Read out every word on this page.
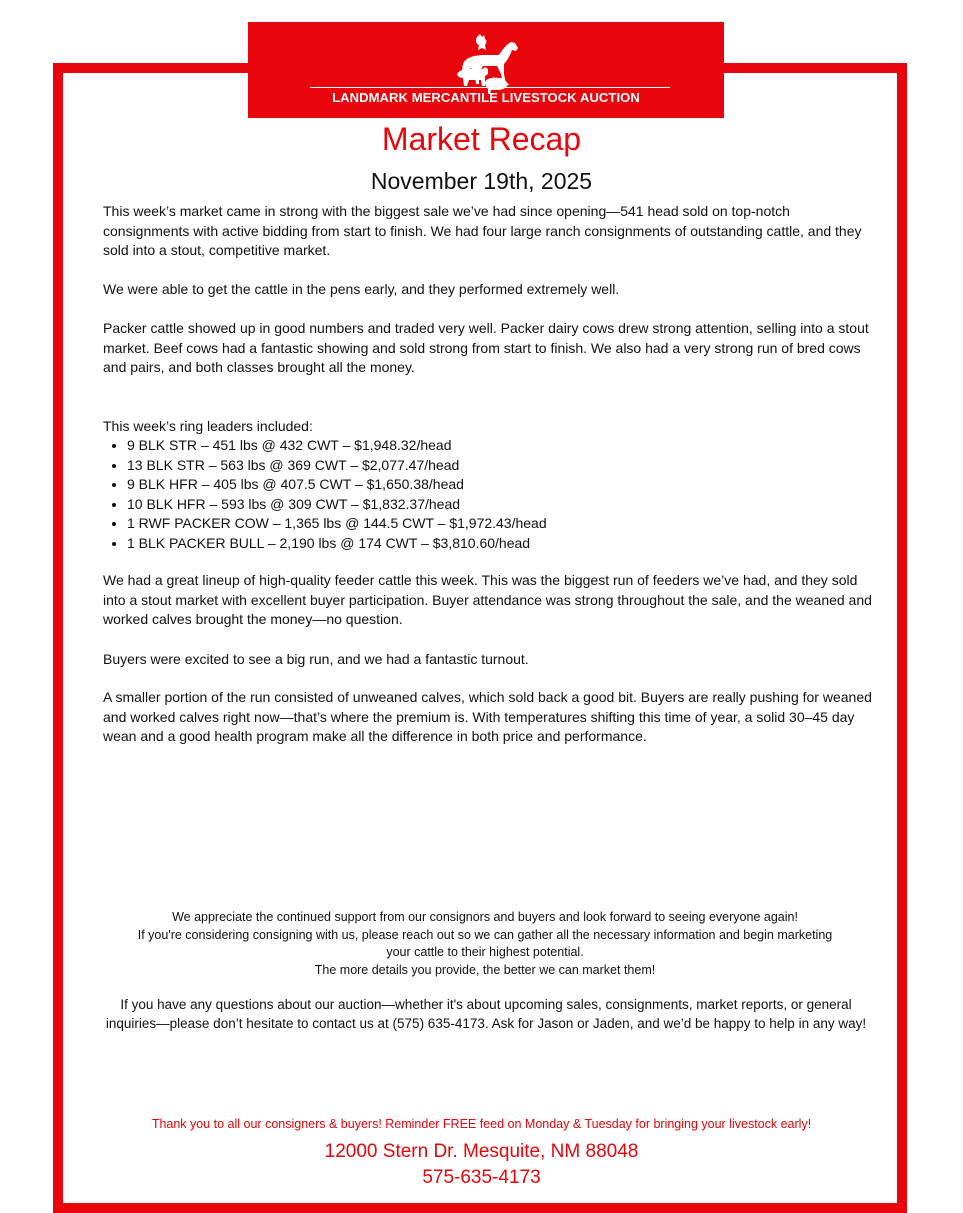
LANDMARK MERCANTILE LIVESTOCK AUCTION
Market Recap
November 19th, 2025

This week’s market came in strong with the biggest sale we’ve had since opening—541 head sold on top-notch consignments with active bidding from start to finish. We had four large ranch consignments of outstanding cattle, and they sold into a stout, competitive market.

We were able to get the cattle in the pens early, and they performed extremely well.

Packer cattle showed up in good numbers and traded very well. Packer dairy cows drew strong attention, selling into a stout market. Beef cows had a fantastic showing and sold strong from start to finish. We also had a very strong run of bred cows and pairs, and both classes brought all the money.

This week’s ring leaders included:

• 9 BLK STR – 451 lbs @ 432 CWT – $1,948.32/head
• 13 BLK STR – 563 lbs @ 369 CWT – $2,077.47/head
• 9 BLK HFR – 405 lbs @ 407.5 CWT – $1,650.38/head
• 10 BLK HFR – 593 lbs @ 309 CWT – $1,832.37/head
• 1 RWF PACKER COW – 1,365 lbs @ 144.5 CWT – $1,972.43/head
• 1 BLK PACKER BULL – 2,190 lbs @ 174 CWT – $3,810.60/head

We had a great lineup of high-quality feeder cattle this week. This was the biggest run of feeders we’ve had, and they sold into a stout market with excellent buyer participation. Buyer attendance was strong throughout the sale, and the weaned and worked calves brought the money—no question.

Buyers were excited to see a big run, and we had a fantastic turnout.

A smaller portion of the run consisted of unweaned calves, which sold back a good bit. Buyers are really pushing for weaned and worked calves right now—that’s where the premium is. With temperatures shifting this time of year, a solid 30–45 day wean and a good health program make all the difference in both price and performance.

We appreciate the continued support from our consignors and buyers and look forward to seeing everyone again!
If you're considering consigning with us, please reach out so we can gather all the necessary information and begin marketing your cattle to their highest potential.
The more details you provide, the better we can market them!

If you have any questions about our auction—whether it's about upcoming sales, consignments, market reports, or general inquiries—please don’t hesitate to contact us at (575) 635-4173. Ask for Jason or Jaden, and we’d be happy to help in any way!

Thank you to all our consigners & buyers! Reminder FREE feed on Monday & Tuesday for bringing your livestock early!
12000 Stern Dr. Mesquite, NM 88048
575-635-4173
